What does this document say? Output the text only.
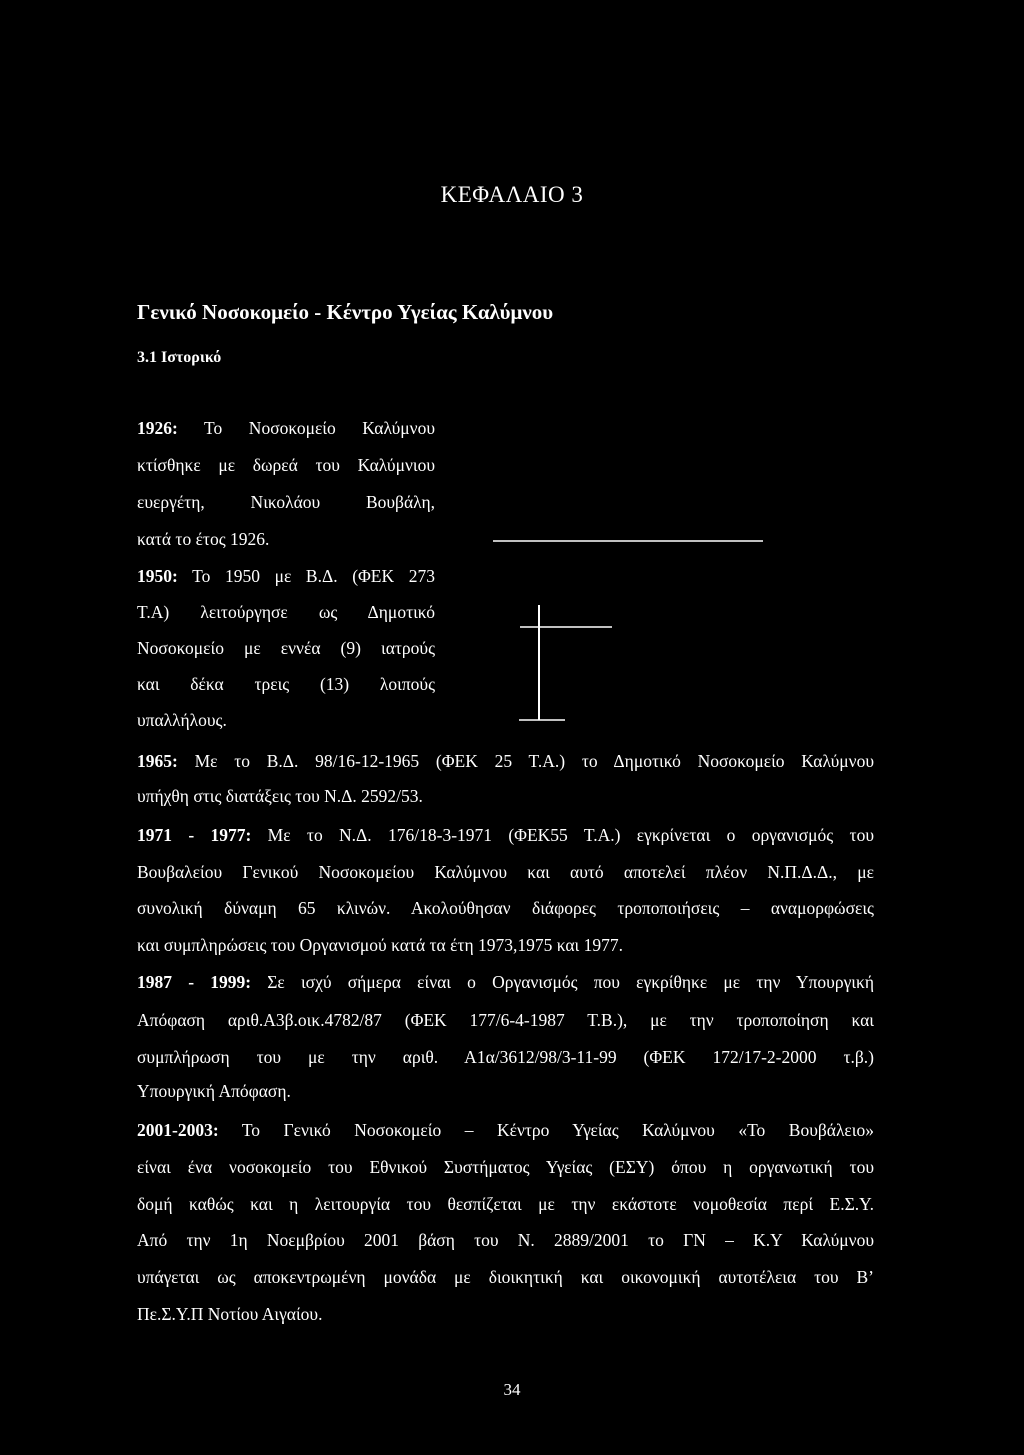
ΚΕΦΑΛΑΙΟ 3
Γενικό Νοσοκομείο - Κέντρο Υγείας Καλύμνου
3.1 Ιστορικό
1926: Το Νοσοκομείο Καλύμνου
κτίσθηκε με δωρεά του Καλύμνιου
ευεργέτη, Νικολάου Βουβάλη,
κατά το έτος 1926.
1950: Το 1950 με Β.Δ. (ΦΕΚ 273
Τ.Α) λειτούργησε ως Δημοτικό
Νοσοκομείο με εννέα (9) ιατρούς
και δέκα τρεις (13) λοιπούς
υπαλλήλους.
1965: Με το Β.Δ. 98/16-12-1965 (ΦΕΚ 25 Τ.Α.) το Δημοτικό Νοσοκομείο Καλύμνου
υπήχθη στις διατάξεις του Ν.Δ. 2592/53.
1971 - 1977: Με το Ν.Δ. 176/18-3-1971 (ΦΕΚ55 Τ.Α.) εγκρίνεται ο οργανισμός του
Βουβαλείου Γενικού Νοσοκομείου Καλύμνου και αυτό αποτελεί πλέον Ν.Π.Δ.Δ., με
συνολική δύναμη 65 κλινών. Ακολούθησαν διάφορες τροποποιήσεις – αναμορφώσεις
και συμπληρώσεις του Οργανισμού κατά τα έτη 1973,1975 και 1977.
1987 - 1999: Σε ισχύ σήμερα είναι ο Οργανισμός που εγκρίθηκε με την Υπουργική
Απόφαση αριθ.Α3β.οικ.4782/87 (ΦΕΚ 177/6-4-1987 Τ.Β.), με την τροποποίηση και
συμπλήρωση του με την αριθ. Α1α/3612/98/3-11-99 (ΦΕΚ 172/17-2-2000 τ.β.)
Υπουργική Απόφαση.
2001-2003: Το Γενικό Νοσοκομείο – Κέντρο Υγείας Καλύμνου «Το Βουβάλειο»
είναι ένα νοσοκομείο του Εθνικού Συστήματος Υγείας (ΕΣΥ) όπου η οργανωτική του
δομή καθώς και η λειτουργία του θεσπίζεται με την εκάστοτε νομοθεσία περί Ε.Σ.Υ.
Από την 1η Νοεμβρίου 2001 βάση του Ν. 2889/2001 το ΓΝ – Κ.Υ Καλύμνου
υπάγεται ως αποκεντρωμένη μονάδα με διοικητική και οικονομική αυτοτέλεια του Β’
Πε.Σ.Υ.Π Νοτίου Αιγαίου.
34
